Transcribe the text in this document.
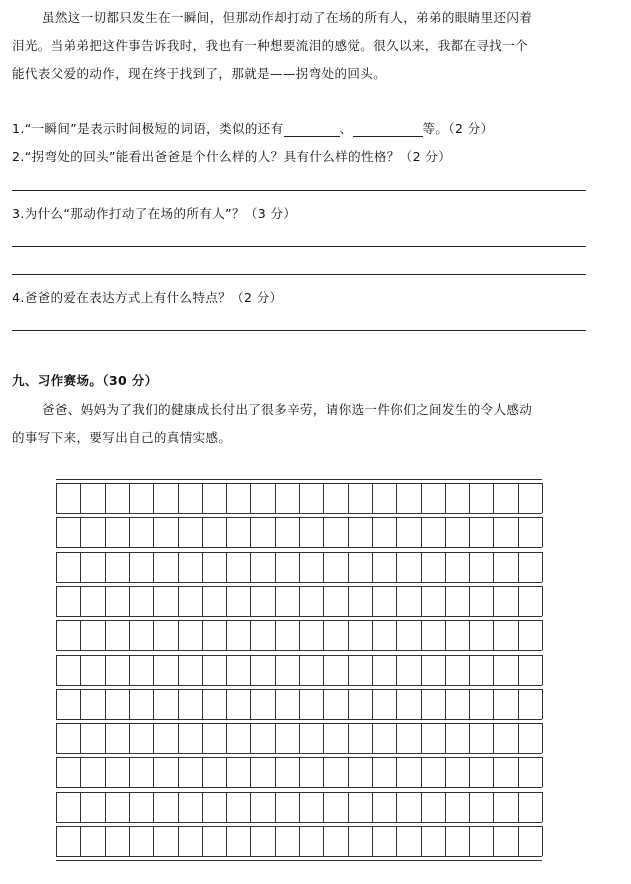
虽然这一切都只发生在一瞬间，但那动作却打动了在场的所有人，弟弟的眼睛里还闪着
泪光。当弟弟把这件事告诉我时，我也有一种想要流泪的感觉。很久以来，我都在寻找一个
能代表父爱的动作，现在终于找到了，那就是——拐弯处的回头。
1.“一瞬间”是表示时间极短的词语，类似的还有	、	等。（2 分）
2.“拐弯处的回头”能看出爸爸是个什么样的人？具有什么样的性格？（2 分）
3.为什么“那动作打动了在场的所有人”？（3 分）
4.爸爸的爱在表达方式上有什么特点？（2 分）
九、习作赛场。（30 分）
爸爸、妈妈为了我们的健康成长付出了很多辛劳，请你选一件你们之间发生的令人感动
的事写下来，要写出自己的真情实感。
